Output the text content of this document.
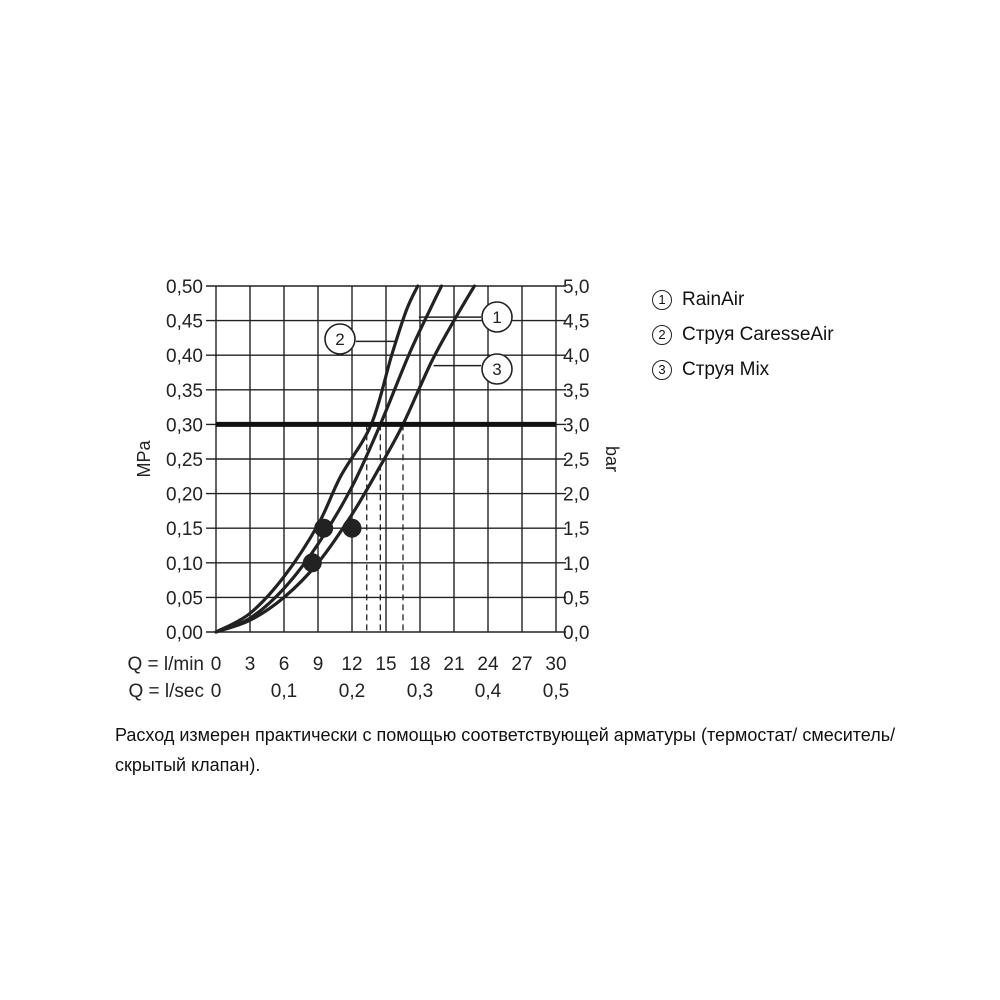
1
2
3
0,00	0,0
0,05	0,5
0,10	1,0
0,15	1,5
0,20	2,0
0,25	2,5
0,30	3,0
0,35	3,5
0,40	4,0
0,45	4,5
0,50	5,0
0 3 6 9 12 15 18 21 24 27 30
0	0,1 0,2 0,3 0,4 0,5
Q = l/min
Q = l/sec
MPa	bar
1 RainAir
2 Струя CaresseAir
3 Струя Mix
Расход измерен практически с помощью соответствующей арматуры (термостат/ смеситель/скрытый клапан).
